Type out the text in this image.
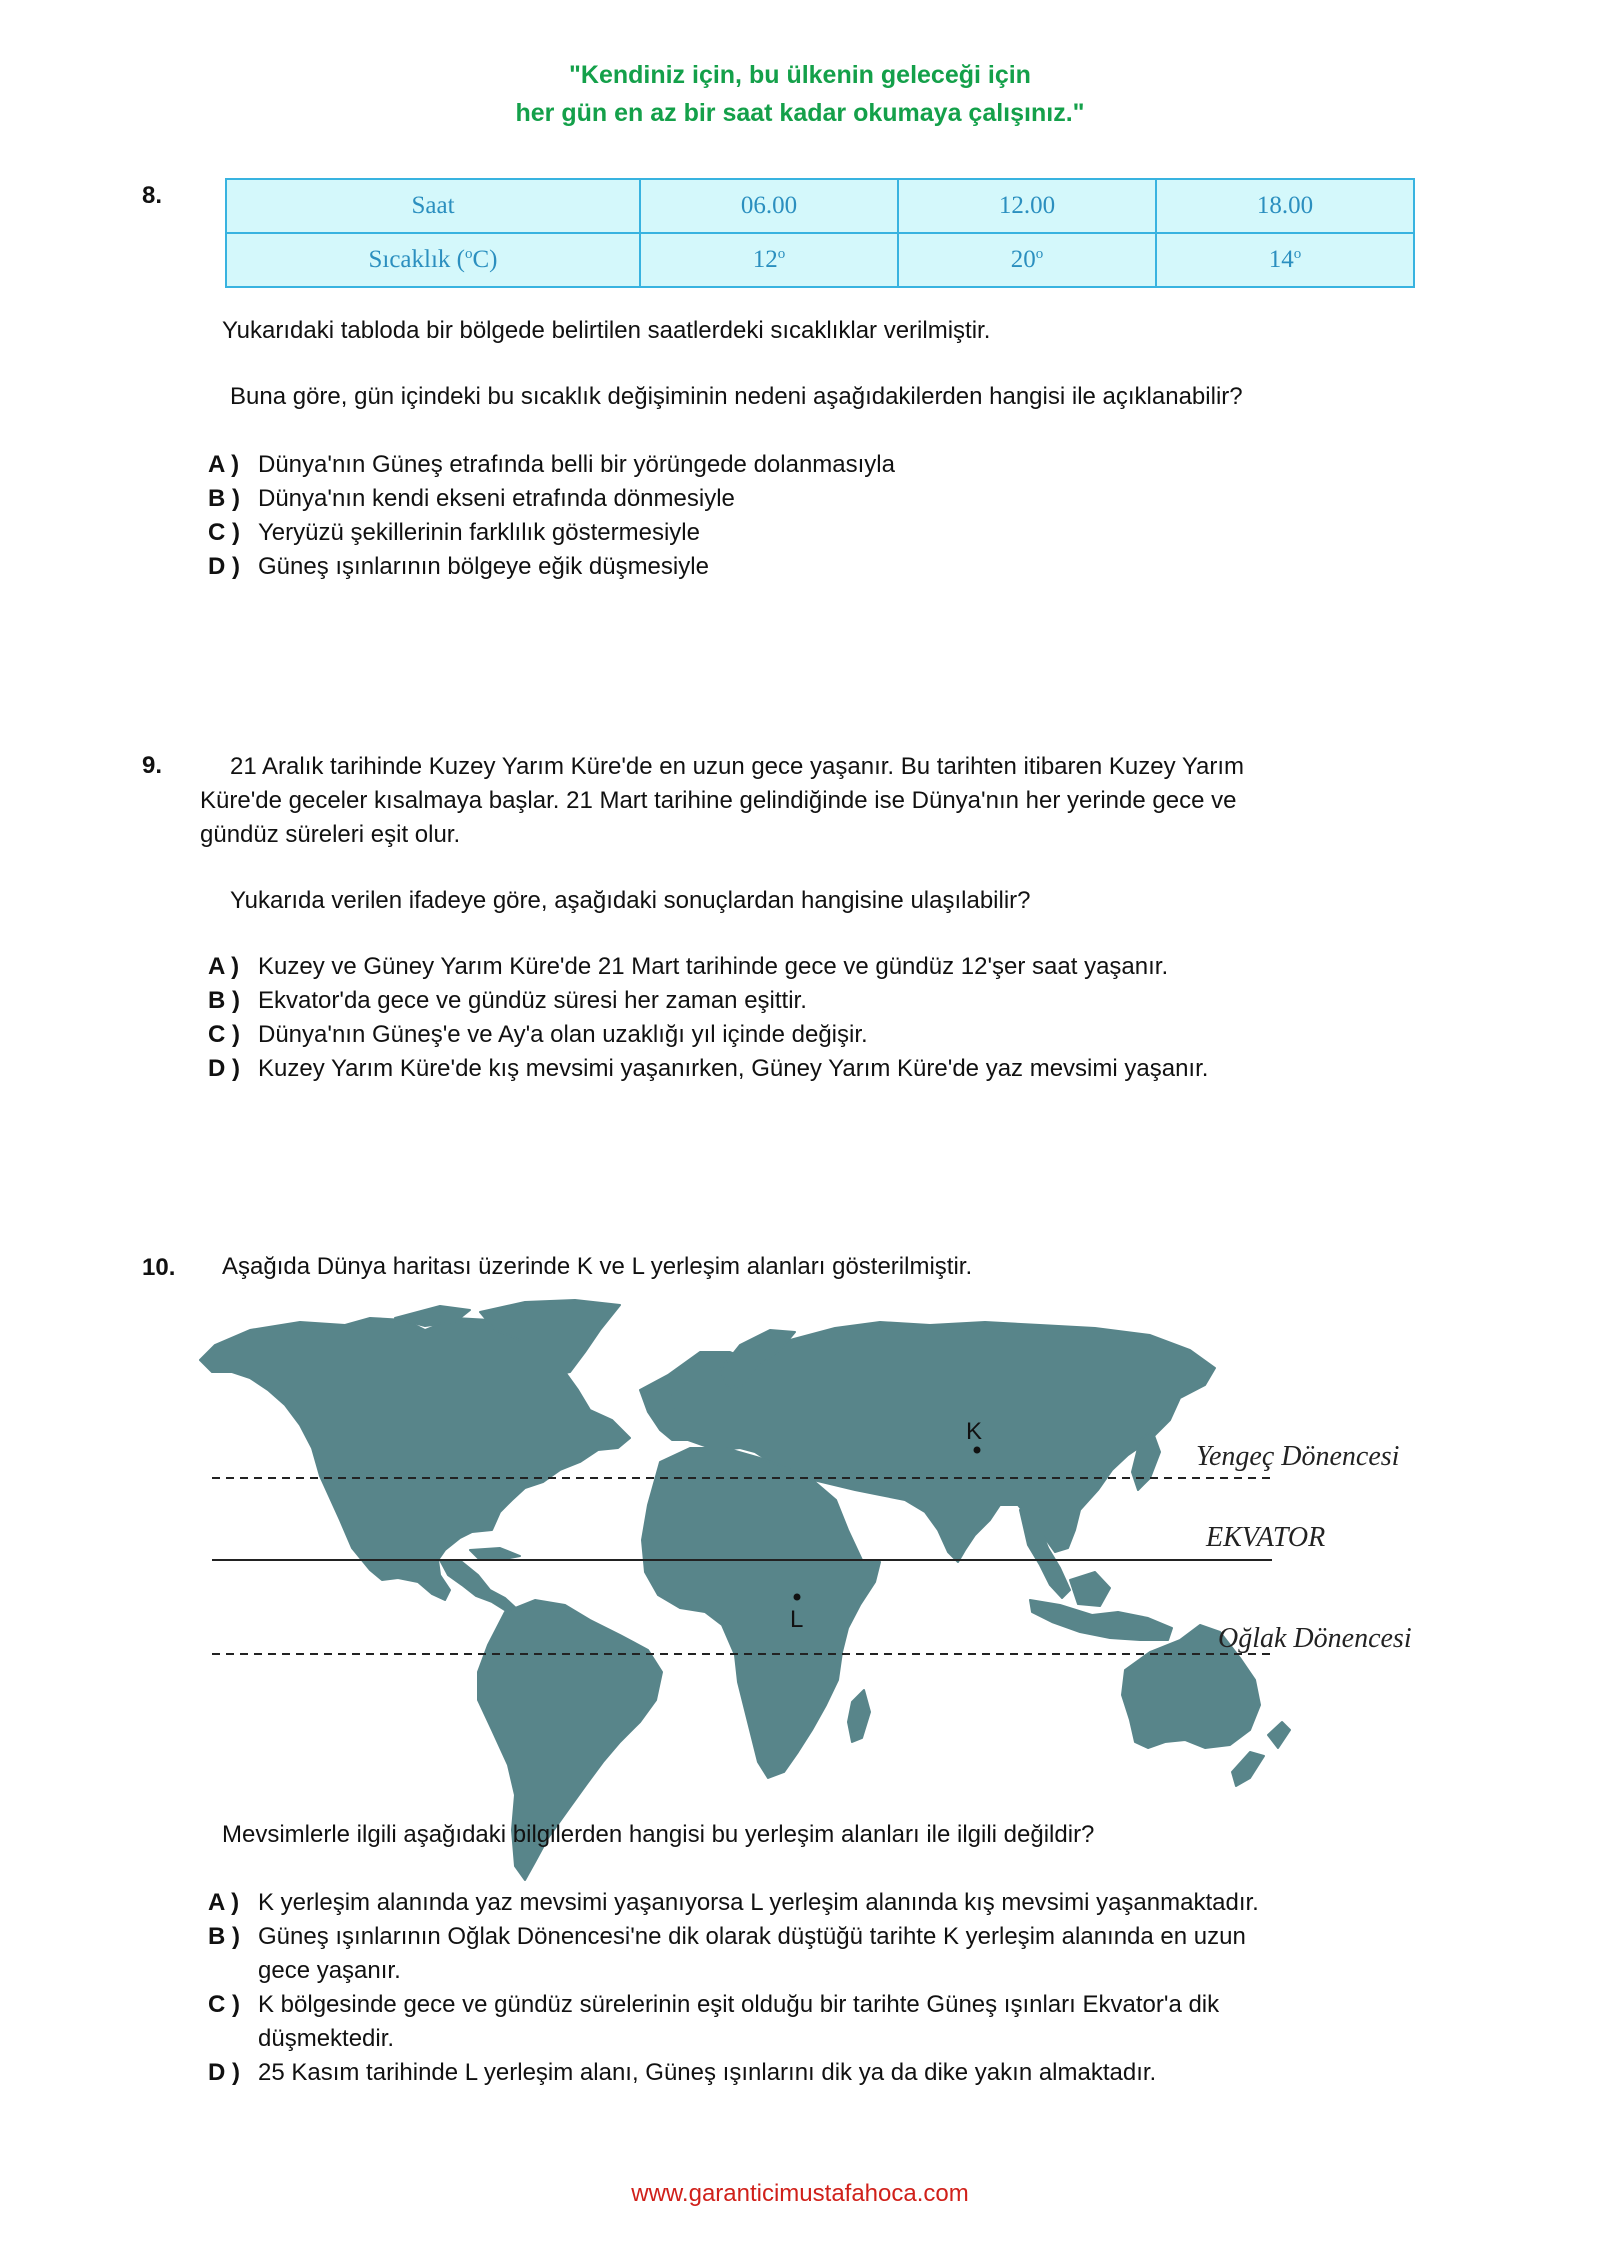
"Kendiniz için, bu ülkenin geleceği için
her gün en az bir saat kadar okumaya çalışınız."
8.	Saat	06.00	12.00	18.00
Sıcaklık ($^o$C)	12$^o$	20$^o$	14$^o$
Yukarıdaki tabloda bir bölgede belirtilen saatlerdeki sıcaklıklar verilmiştir.
Buna göre, gün içindeki bu sıcaklık değişiminin nedeni aşağıdakilerden hangisi ile açıklanabilir?
A ) Dünya'nın Güneş etrafında belli bir yörüngede dolanmasıyla
B ) Dünya'nın kendi ekseni etrafında dönmesiyle
C ) Yeryüzü şekillerinin farklılık göstermesiyle
D ) Güneş ışınlarının bölgeye eğik düşmesiyle
9.	21 Aralık tarihinde Kuzey Yarım Küre'de en uzun gece yaşanır. Bu tarihten itibaren Kuzey Yarım
Küre'de geceler kısalmaya başlar. 21 Mart tarihine gelindiğinde ise Dünya'nın her yerinde gece ve
gündüz süreleri eşit olur.
Yukarıda verilen ifadeye göre, aşağıdaki sonuçlardan hangisine ulaşılabilir?
A ) Kuzey ve Güney Yarım Küre'de 21 Mart tarihinde gece ve gündüz 12'şer saat yaşanır.
B ) Ekvator'da gece ve gündüz süresi her zaman eşittir.
C ) Dünya'nın Güneş'e ve Ay'a olan uzaklığı yıl içinde değişir.
D ) Kuzey Yarım Küre'de kış mevsimi yaşanırken, Güney Yarım Küre'de yaz mevsimi yaşanır.
10. Aşağıda Dünya haritası üzerinde K ve L yerleşim alanları gösterilmiştir.
K
L
Yengeç Dönencesi
EKVATOR
Oğlak Dönencesi
Mevsimlerle ilgili aşağıdaki bilgilerden hangisi bu yerleşim alanları ile ilgili değildir?
A ) K yerleşim alanında yaz mevsimi yaşanıyorsa L yerleşim alanında kış mevsimi yaşanmaktadır.
B ) Güneş ışınlarının Oğlak Dönencesi'ne dik olarak düştüğü tarihte K yerleşim alanında en uzun
gece yaşanır.
C ) K bölgesinde gece ve gündüz sürelerinin eşit olduğu bir tarihte Güneş ışınları Ekvator'a dik
düşmektedir.
D ) 25 Kasım tarihinde L yerleşim alanı, Güneş ışınlarını dik ya da dike yakın almaktadır.
www.garanticimustafahoca.com
